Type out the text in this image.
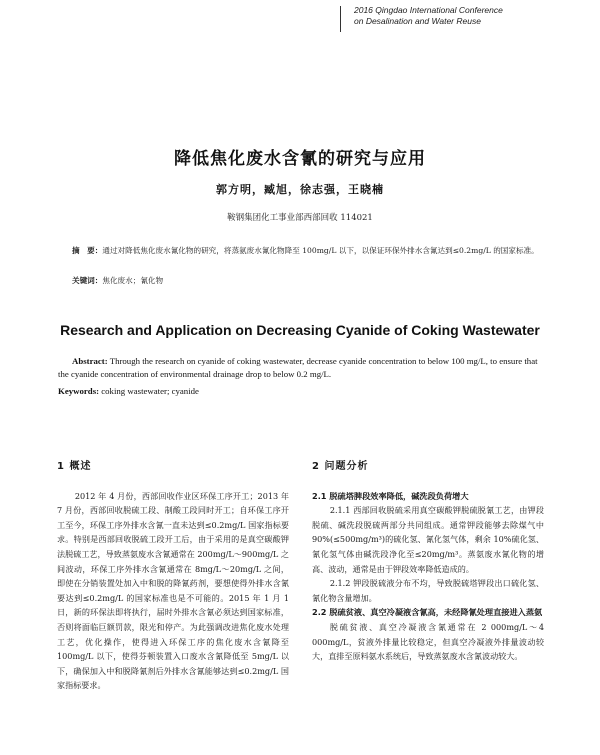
2016 Qingdao International Conference
on Desalination and Water Reuse
降低焦化废水含氰的研究与应用
郭方明，臧旭，徐志强，王晓楠
鞍钢集团化工事业部西部回收 114021
摘　要：通过对降低焦化废水氰化物的研究，将蒸氨废水氰化物降至 100mg/L 以下，以保证环保外排水含氰达到≤0.2mg/L 的国家标准。
关键词：焦化废水；氰化物
Research and Application on Decreasing Cyanide of Coking Wastewater
Abstract: Through the research on cyanide of coking wastewater, decrease cyanide concentration to below 100 mg/L, to ensure that the cyanide concentration of environmental drainage drop to below 0.2 mg/L.
Keywords: coking wastewater; cyanide
1 概述

2012 年 4 月份，西部回收作业区环保工序开工；2013 年 7 月份，西部回收脱硫工段、制酸工段同时开工；自环保工序开工至今，环保工序外排水含氰一直未达到≤0.2mg/L 国家指标要求。特别是西部回收脱硫工段开工后，由于采用的是真空碳酸钾法脱硫工艺，导致蒸氨废水含氰通常在 200mg/L～900mg/L 之间波动，环保工序外排水含氰通常在 8mg/L～20mg/L 之间，即使在分销装置处加入中和脱的降氰药剂，要想使得外排水含氰要达到≤0.2mg/L 的国家标准也是不可能的。2015 年 1 月 1 日，新的环保法即将执行，届时外排水含氰必须达到国家标准，否则将面临巨额罚款，限光和停产。为此强调改进焦化废水处理工艺，优化操作，使得进入环保工序的焦化废水含氰降至 100mg/L 以下，使得芬顿装置入口废水含氰降低至 5mg/L 以下，确保加入中和脱降氰剂后外排水含氰能够达到≤0.2mg/L 国家指标要求。

2 问题分析
2.1 脱硫塔脾段效率降低，碱洗段负荷增大

2.1.1 西部回收脱硫采用真空碳酸钾脱硫脱氰工艺，由钾段脱硫、碱洗段脱硫两部分共同组成。通常钾段能够去除煤气中 90%(≤500mg/m³)的硫化氢、氰化氢气体，剩余 10%硫化氢、氰化氢气体由碱洗段净化至≤20mg/m³。蒸氨废水氰化物的增高、波动，通常是由于钾段效率降低造成的。

2.1.2 钾段脱硫液分布不均，导致脱硫塔钾段出口硫化氢、氰化物含量增加。

2.2 脱硫贫液、真空冷凝液含氰高，未经降氰处理直接进入蒸氨

脱硫贫液、真空冷凝液含氰通常在 2 000mg/L～4 000mg/L，贫液外排量比较稳定，但真空冷凝液外排量波动较大，直排至原料氨水系统后，导致蒸氨废水含氰波动较大。
